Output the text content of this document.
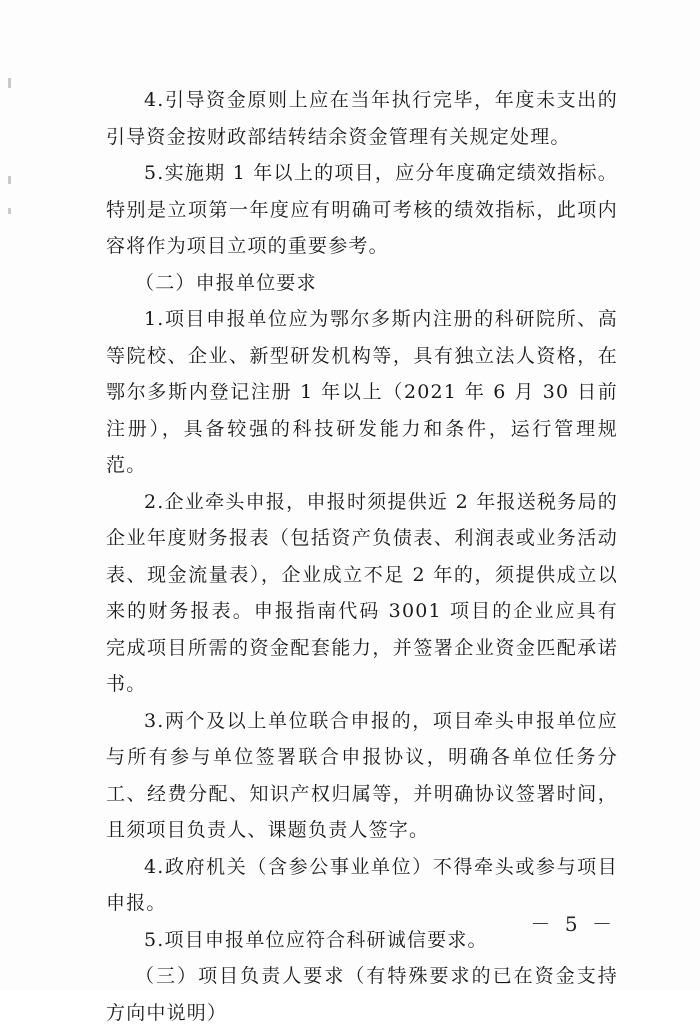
4.引导资金原则上应在当年执行完毕，年度未支出的引导资金按财政部结转结余资金管理有关规定处理。

5.实施期 1 年以上的项目，应分年度确定绩效指标。特别是立项第一年度应有明确可考核的绩效指标，此项内容将作为项目立项的重要参考。

（二）申报单位要求

1.项目申报单位应为鄂尔多斯内注册的科研院所、高等院校、企业、新型研发机构等，具有独立法人资格，在鄂尔多斯内登记注册 1 年以上（2021 年 6 月 30 日前注册），具备较强的科技研发能力和条件，运行管理规范。

2.企业牵头申报，申报时须提供近 2 年报送税务局的企业年度财务报表（包括资产负债表、利润表或业务活动表、现金流量表），企业成立不足 2 年的，须提供成立以来的财务报表。申报指南代码 3001 项目的企业应具有完成项目所需的资金配套能力，并签署企业资金匹配承诺书。

3.两个及以上单位联合申报的，项目牵头申报单位应与所有参与单位签署联合申报协议，明确各单位任务分工、经费分配、知识产权归属等，并明确协议签署时间，且须项目负责人、课题负责人签字。

4.政府机关（含参公事业单位）不得牵头或参与项目申报。

5.项目申报单位应符合科研诚信要求。

（三）项目负责人要求（有特殊要求的已在资金支持方向中说明）

－ 5 －
